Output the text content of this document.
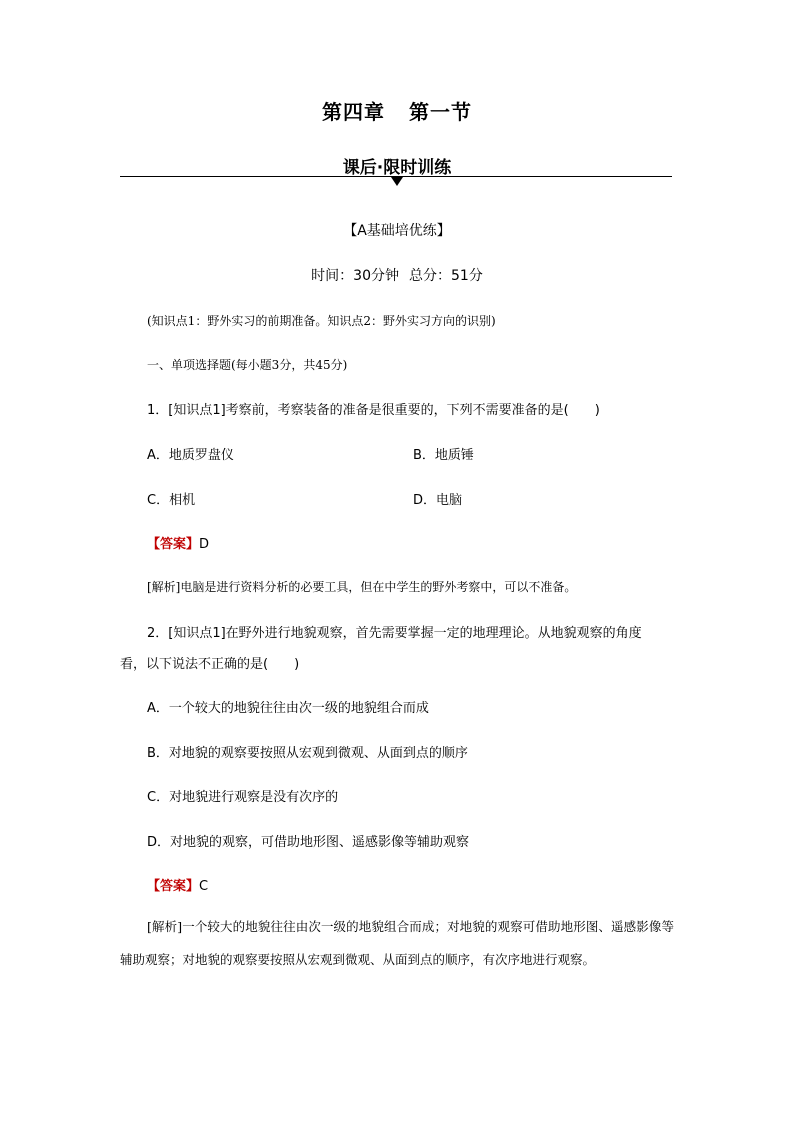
第四章 第一节
课后·限时训练
【A基础培优练】
时间：30分钟 总分：51分
(知识点1：野外实习的前期准备。知识点2：野外实习方向的识别)
一、单项选择题(每小题3分，共45分)
1．[知识点1]考察前，考察装备的准备是很重要的，下列不需要准备的是(　　)
A．地质罗盘仪	B．地质锤
C．相机	D．电脑
【答案】D
[解析]电脑是进行资料分析的必要工具，但在中学生的野外考察中，可以不准备。
2．[知识点1]在野外进行地貌观察，首先需要掌握一定的地理理论。从地貌观察的角度
看，以下说法不正确的是(　　)
A．一个较大的地貌往往由次一级的地貌组合而成
B．对地貌的观察要按照从宏观到微观、从面到点的顺序
C．对地貌进行观察是没有次序的
D．对地貌的观察，可借助地形图、遥感影像等辅助观察
【答案】C
[解析]一个较大的地貌往往由次一级的地貌组合而成；对地貌的观察可借助地形图、遥感影像等辅助观察；对地貌的观察要按照从宏观到微观、从面到点的顺序，有次序地进行观察。
